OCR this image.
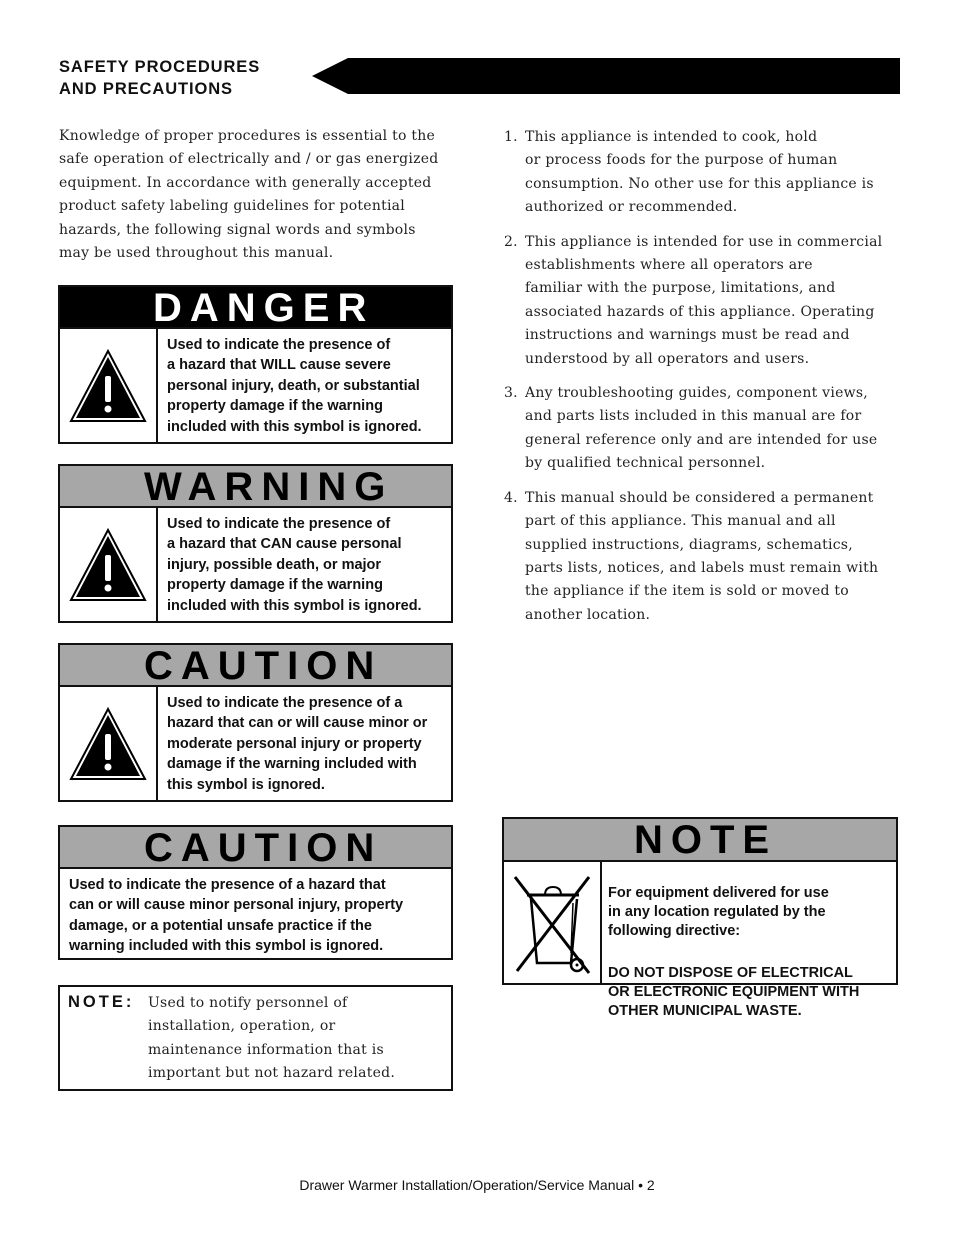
SAFETY PROCEDURES
AND PRECAUTIONS
Knowledge of proper procedures is essential to the
safe operation of electrically and / or gas energized
equipment. In accordance with generally accepted
product safety labeling guidelines for potential
hazards, the following signal words and symbols
may be used throughout this manual.
DANGER
Used to indicate the presence of
a hazard that WILL cause severe
personal injury, death, or substantial
property damage if the warning
included with this symbol is ignored.
WARNING
Used to indicate the presence of
a hazard that CAN cause personal
injury, possible death, or major
property damage if the warning
included with this symbol is ignored.
CAUTION
Used to indicate the presence of a
hazard that can or will cause minor or
moderate personal injury or property
damage if the warning included with
this symbol is ignored.
CAUTION
Used to indicate the presence of a hazard that
can or will cause minor personal injury, property
damage, or a potential unsafe practice if the
warning included with this symbol is ignored.
NOTE: Used to notify personnel of
installation, operation, or
maintenance information that is
important but not hazard related.
1. This appliance is intended to cook, hold
or process foods for the purpose of human
consumption. No other use for this appliance is
authorized or recommended.
2. This appliance is intended for use in commercial
establishments where all operators are
familiar with the purpose, limitations, and
associated hazards of this appliance. Operating
instructions and warnings must be read and
understood by all operators and users.
3. Any troubleshooting guides, component views,
and parts lists included in this manual are for
general reference only and are intended for use
by qualified technical personnel.
4. This manual should be considered a permanent
part of this appliance. This manual and all
supplied instructions, diagrams, schematics,
parts lists, notices, and labels must remain with
the appliance if the item is sold or moved to
another location.
NOTE

For equipment delivered for use
in any location regulated by the
following directive:

DO NOT DISPOSE OF ELECTRICAL
OR ELECTRONIC EQUIPMENT WITH
OTHER MUNICIPAL WASTE.

Drawer Warmer Installation/Operation/Service Manual • 2
